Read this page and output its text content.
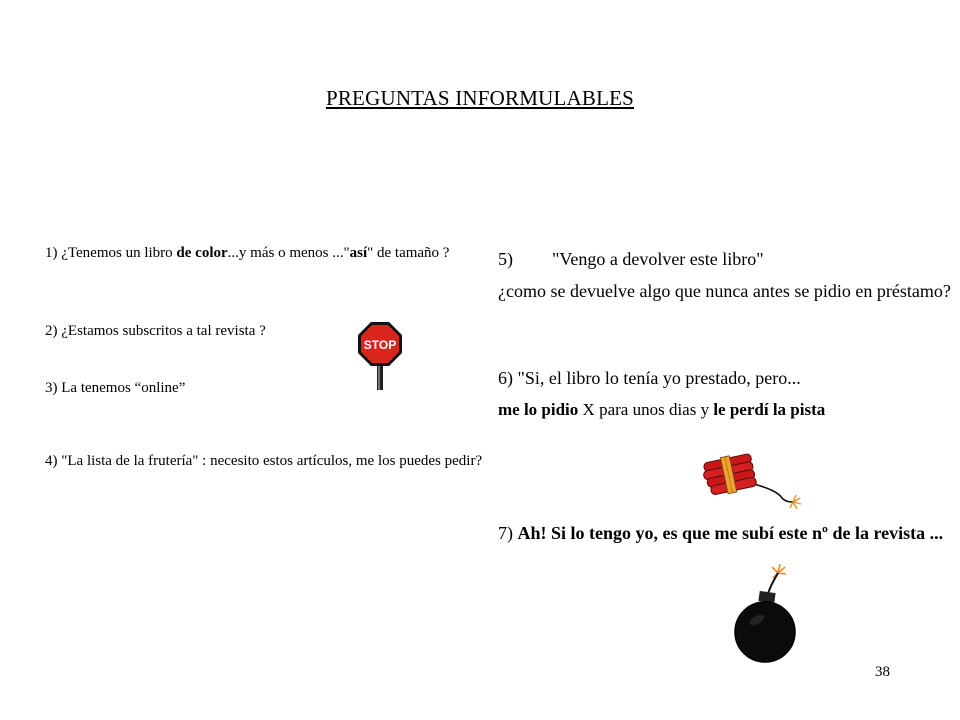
PREGUNTAS INFORMULABLES
1) ¿Tenemos un libro de color...y más o menos ..."así" de tamaño ?
2) ¿Estamos subscritos a tal revista ?
3) La tenemos “online”
4) "La lista de la frutería" : necesito estos artículos, me los puedes pedir?
STOP
5) "Vengo a devolver este libro"
¿como se devuelve algo que nunca antes se pidio en préstamo?
6) "Si, el libro lo tenía yo prestado, pero...
me lo pidio X para unos dias y le perdí la pista
7) Ah! Si lo tengo yo, es que me subí este nº de la revista ...
38
